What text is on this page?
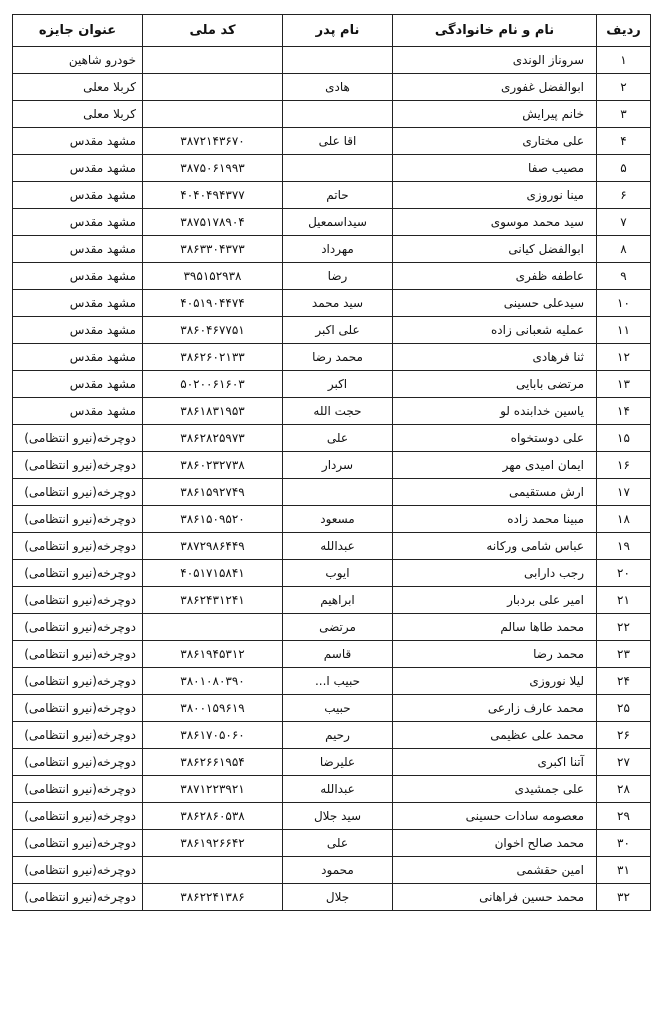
ردیف	نام و نام خانوادگی	نام پدر	کد ملی	عنوان جایزه
۱	سروناز الوندی			خودرو شاهین
۲	ابوالفضل غفوری	هادی		کربلا معلی
۳	خانم پیرایش			کربلا معلی
۴	علی مختاری	اقا علی	۳۸۷۲۱۴۳۶۷۰	مشهد مقدس
۵	مصیب صفا		۳۸۷۵۰۶۱۹۹۳	مشهد مقدس
۶	مینا نوروزی	حاتم	۴۰۴۰۴۹۴۳۷۷	مشهد مقدس
۷	سید محمد موسوی	سیداسمعیل	۳۸۷۵۱۷۸۹۰۴	مشهد مقدس
۸	ابوالفضل کیانی	مهرداد	۳۸۶۳۳۰۴۳۷۳	مشهد مقدس
۹	عاطفه ظفری	رضا	۳۹۵۱۵۲۹۳۸	مشهد مقدس
۱۰	سیدعلی حسینی	سید محمد	۴۰۵۱۹۰۴۴۷۴	مشهد مقدس
۱۱	عملیه شعبانی زاده	علی اکبر	۳۸۶۰۴۶۷۷۵۱	مشهد مقدس
۱۲	ثنا فرهادی	محمد رضا	۳۸۶۲۶۰۲۱۳۳	مشهد مقدس
۱۳	مرتضی بابایی	اکبر	۵۰۲۰۰۶۱۶۰۳	مشهد مقدس
۱۴	یاسین خدابنده لو	حجت الله	۳۸۶۱۸۳۱۹۵۳	مشهد مقدس
۱۵	علی دوستخواه	علی	۳۸۶۲۸۲۵۹۷۳	دوچرخه(نیرو انتظامی)
۱۶	ایمان امیدی مهر	سردار	۳۸۶۰۲۳۲۷۳۸	دوچرخه(نیرو انتظامی)
۱۷	ارش مستقیمی		۳۸۶۱۵۹۲۷۴۹	دوچرخه(نیرو انتظامی)
۱۸	مبینا محمد زاده	مسعود	۳۸۶۱۵۰۹۵۲۰	دوچرخه(نیرو انتظامی)
۱۹	عباس شامی ورکانه	عبدالله	۳۸۷۲۹۸۶۴۴۹	دوچرخه(نیرو انتظامی)
۲۰	رجب دارابی	ایوب	۴۰۵۱۷۱۵۸۴۱	دوچرخه(نیرو انتظامی)
۲۱	امیر علی بردبار	ابراهیم	۳۸۶۲۴۳۱۲۴۱	دوچرخه(نیرو انتظامی)
۲۲	محمد طاها سالم	مرتضی		دوچرخه(نیرو انتظامی)
۲۳	محمد رضا	قاسم	۳۸۶۱۹۴۵۳۱۲	دوچرخه(نیرو انتظامی)
۲۴	لیلا نوروزی	حبیب ا...	۳۸۰۱۰۸۰۳۹۰	دوچرخه(نیرو انتظامی)
۲۵	محمد عارف زارعی	حبیب	۳۸۰۰۱۵۹۶۱۹	دوچرخه(نیرو انتظامی)
۲۶	محمد علی عظیمی	رحیم	۳۸۶۱۷۰۵۰۶۰	دوچرخه(نیرو انتظامی)
۲۷	آتنا اکبری	علیرضا	۳۸۶۲۶۶۱۹۵۴	دوچرخه(نیرو انتظامی)
۲۸	علی جمشیدی	عبدالله	۳۸۷۱۲۲۳۹۲۱	دوچرخه(نیرو انتظامی)
۲۹	معصومه سادات حسینی	سید جلال	۳۸۶۲۸۶۰۵۳۸	دوچرخه(نیرو انتظامی)
۳۰	محمد صالح اخوان	علی	۳۸۶۱۹۲۶۶۴۲	دوچرخه(نیرو انتظامی)
۳۱	امین حقشمی	محمود		دوچرخه(نیرو انتظامی)
۳۲	محمد حسین فراهانی	جلال	۳۸۶۲۲۴۱۳۸۶	دوچرخه(نیرو انتظامی)
